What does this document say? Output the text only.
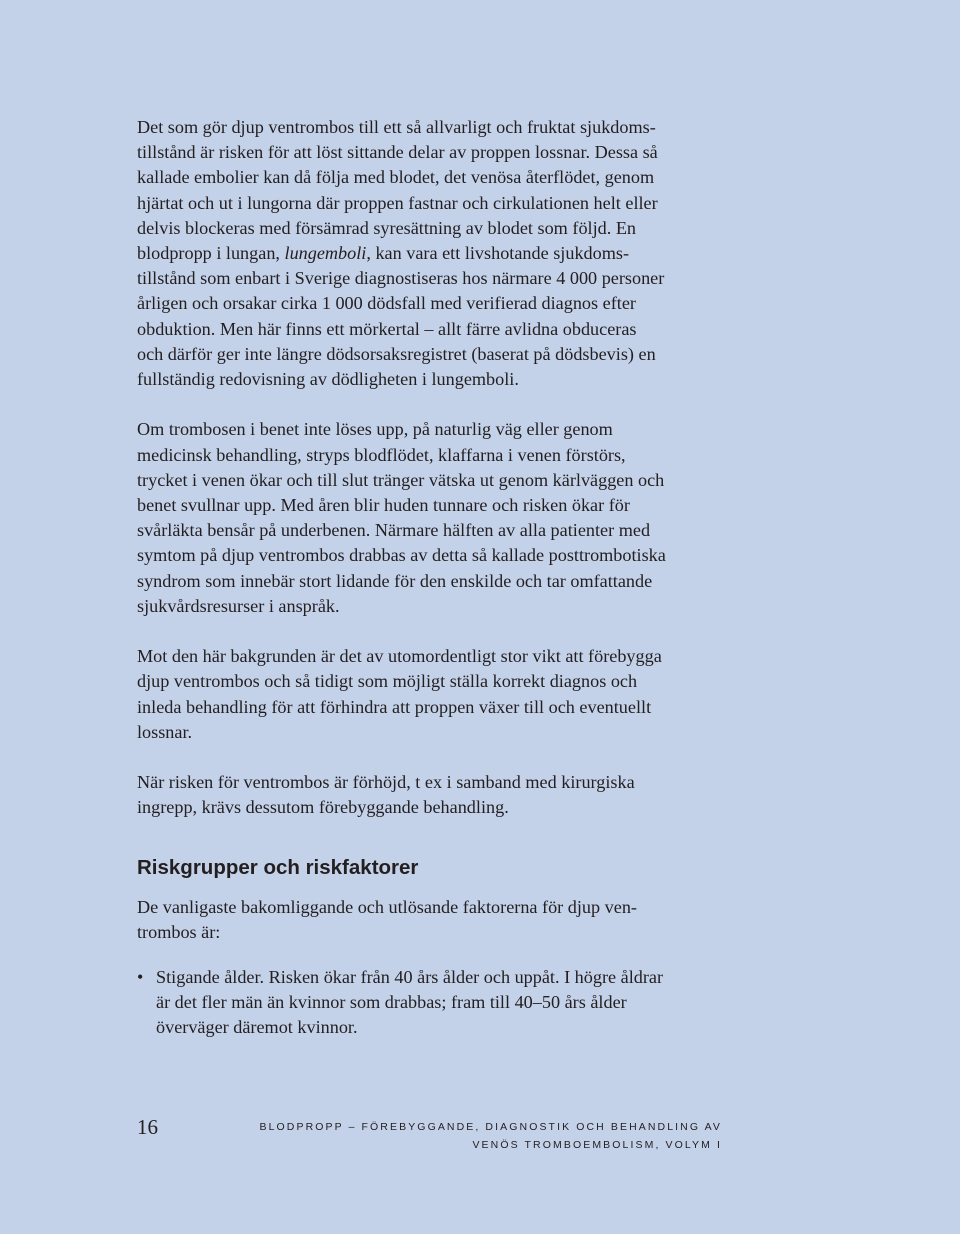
Det som gör djup ventrombos till ett så allvarligt och fruktat sjukdoms-
tillstånd är risken för att löst sittande delar av proppen lossnar. Dessa så
kallade embolier kan då följa med blodet, det venösa återflödet, genom
hjärtat och ut i lungorna där proppen fastnar och cirkulationen helt eller
delvis blockeras med försämrad syresättning av blodet som följd. En
blodpropp i lungan, lungemboli, kan vara ett livshotande sjukdoms-
tillstånd som enbart i Sverige diagnostiseras hos närmare 4 000 personer
årligen och orsakar cirka 1 000 dödsfall med verifierad diagnos efter
obduktion. Men här finns ett mörkertal – allt färre avlidna obduceras
och därför ger inte längre dödsorsaksregistret (baserat på dödsbevis) en
fullständig redovisning av dödligheten i lungemboli.

Om trombosen i benet inte löses upp, på naturlig väg eller genom
medicinsk behandling, stryps blodflödet, klaffarna i venen förstörs,
trycket i venen ökar och till slut tränger vätska ut genom kärlväggen och
benet svullnar upp. Med åren blir huden tunnare och risken ökar för
svårläkta bensår på underbenen. Närmare hälften av alla patienter med
symtom på djup ventrombos drabbas av detta så kallade posttrombotiska
syndrom som innebär stort lidande för den enskilde och tar omfattande
sjukvårdsresurser i anspråk.

Mot den här bakgrunden är det av utomordentligt stor vikt att förebygga
djup ventrombos och så tidigt som möjligt ställa korrekt diagnos och
inleda behandling för att förhindra att proppen växer till och eventuellt
lossnar.

När risken för ventrombos är förhöjd, t ex i samband med kirurgiska
ingrepp, krävs dessutom förebyggande behandling.

Riskgrupper och riskfaktorer

De vanligaste bakomliggande och utlösande faktorerna för djup ven-
trombos är:

• Stigande ålder. Risken ökar från 40 års ålder och uppåt. I högre åldrar
är det fler män än kvinnor som drabbas; fram till 40–50 års ålder
överväger däremot kvinnor.
16	BLODPROPP – FÖREBYGGANDE, DIAGNOSTIK OCH BEHANDLING AV
VENÖS TROMBOEMBOLISM, VOLYM I
